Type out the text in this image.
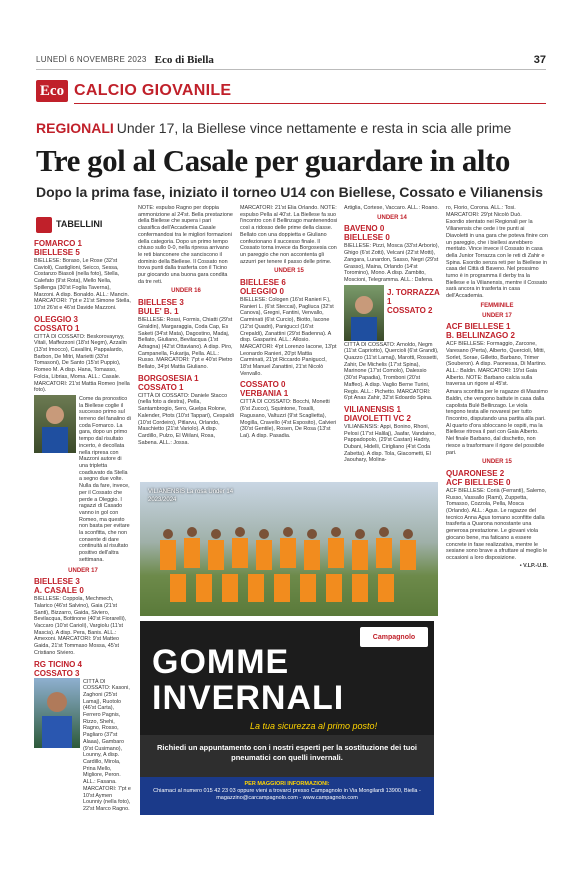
LUNEDÌ 6 NOVEMBRE 2023 Eco di Biella	37
Eco CALCIO GIOVANILE
REGIONALI Under 17, la Biellese vince nettamente e resta in scia alle prime
Tre gol al Casale per guardare in alto
Dopo la prima fase, iniziato il torneo U14 con Biellese, Cossato e Vilianensis
TABELLINI
FOMARCO 1
BIELLESE 5

BIELLESE: Boraso, Le Rose (32'st Cavioli), Castiglioni, Seicco, Sessa, Costanzo Biasoli (nella foto), Stella, Calefato (9'st Rota), Mello Nella, Spillenga (30'st Foglia Taverna), Marzoni. A disp. Bonaldo. ALL.: Mancin. MARCATORI: 7'pt e 21'st Simone Stella, 10'st 26'st e 46'st Davide Mazzoni.

OLEGGIO 3
COSSATO 1

CITTÀ DI COSSATO: Beskorovaynyy, Vitali, Maffezzoni (18'st Negm), Azzalin (13'st Imocco), Cavallini, Pappalardo, Barbon, De Mitri, Marietti (33'st Tomasoni), De Santo (15'st Puppio), Romeo M. A disp. Hana, Tomasso, Folcia, Librias, Moma. ALL.: Casale. MARCATORI: 21'st Mattia Romeo (nella foto).

Come da pronostico la Biellese coglie il successo primo sul terreno del fanalino di coda Fomarco. La gara, dopo un primo tempo dal risultato incerto, è decollata nella ripresa con Mazzoni autore di una tripletta coadiuvato da Stella a segno due volte. Nulla da fare, invece, per il Cossato che perde a Oleggio. I ragazzi di Casado vanno in gol con Romeo, ma questo non basta per evitare la sconfitta, che non consente di dare continuità al risultato positivo dell'altra settimana.

UNDER 17
BIELLESE 3
A. CASALE 0

BIELLESE: Coppola, Mechmech, Talarico (46'st Salvino), Gaia (21'st Santi), Bizzarro, Gaida, Siviero, Bevilacqua, Bottinone (40'st Fiorarelli), Vaccaro (10'st Carioli), Vargiolu (11'st Mascia). A disp. Pera, Banis. ALL.: Amexoni. MARCATORI: 9'st Matteo Gaida, 21'st Tommaso Mossa, 45'st Cristiano Siviero.

RG TICINO 4
COSSATO 3

CITTÀ DI COSSATO: Kasoni, Zaghoni (25'st Lamaj), Ruotolo (46'st Carta), Ferrero Pagnis, Rizzo, Shehi, Ragno, Rosso, Pagliaro (37'st Alaaa), Gambaro (9'st Cusimano), Lounny, A disp. Cardillo, Mirola, Prina Mello, Migliore, Peron. ALL.: Fasana. MARCATORI: 7'pt e 10'st Aymen Lounniy (nella foto), 22'st Marco Ragno.

NOTE: espulso Ragno per doppia ammonizione al 24'st. Bella prestazione della Biellese che supera i pari classifica dell'Accademia Casale confermandosi tra le migliori formazioni della categoria. Dopo un primo tempo chiuso sullo 0-0, nella ripresa arrivano le reti bianconere che sanciscono il dominio della Biellese. Il Cossato non trova punti dalla trasferta con il Ticino pur giocando una buona gara condita da tre reti.

UNDER 16
BIELLESE 3
BULE' B. 1

BIELLESE: Rossi, Formis, Chiatti (29'st Giraldin), Margaraggia, Coda Cap, Es Saketi (34'st Mata), Dagostino, Madaj, Bellato, Giuliano, Bevilacqua (1'st Adragna) (42'st Ottaviano). A disp. Piro, Campanella, Fukarija, Pella. ALL.: Russo. MARCATORI: 7'pt e 40'st Pietro Bellato, 34'pt Mattia Giuliano.

BORGOSESIA 1
COSSATO 1

CITTÀ DI COSSATO: Daniele Stacco (nella foto a destra), Pella, Santambrogio, Sero, Guelpa Rolone, Kalender, Ptots (10'st Tappari), Cespaldi (10'st Cordeiro), Pitlarvu, Orlando, Maschietto (21'st Variolo). A disp. Cardillo, Pulzo, El Wiilani, Rosa, Sabena. ALL.: Jossa.

MARCATORI: 21'st Elia Orlando. NOTE: espulso Pella al 40'st. La Biellese fa suo l'incontro con il Bellinzago mantenendosi così a ridosso delle prime della classe. Bellato con una doppietta e Giuliano confezionano il successo finale. Il Cossato torna invece da Borgosesia con un pareggio che non accontenta gli azzurri per tenere il passo delle prime.

UNDER 15
BIELLESE 6
OLEGGIO 0

BIELLESE: Cologen (16'st Ranieri F.), Ranieri L. (6'st Steccai), Pagliuca (32'st Canova), Gregni, Fantini, Venvallo, Carminati (6'st Curcio), Biotto, Iacone (12'st Quadri), Paniguccl (16'st Crepaldi), Zanattini (29'st Badenna). A disp. Gasparini. ALL.: Allosio. MARCATORI: 4'pt Lorenzo Iacone, 13'pt Leonardo Ranieri, 20'pt Mattia Carminati, 21'pt Riccardo Paniguccl, 18'st Manuel Zanattini, 21'st Nicolò Venvallo.

COSSATO 0
VERBANIA 1

CITTÀ DI COSSATO: Bocchi, Monetti (6'st Zucco), Squintone, Tosalli, Ragusano, Valtuzzi (9'st Scaglietta), Mogilla, Cravello (4'st Esposito), Calvieri (30'st Gentile), Rosen, De Rosa (13'st Lai). A disp. Pasadia.

Artiglia, Cortese, Vaccaro. ALL.: Roano.

UNDER 14
BAVENO 0
BIELLESE 0

BIELLESE: Pizzi, Mosca (33'st Arborio), Ghigo (6'st Zotti), Velcani (22'st Motti), Zangara, Lunardon, Sasso, Negri (29'st Grasso), Maina, Orlando (14'st Toromino), Mono. A disp. Zambito, Moscioni, Telegramma. ALL.: Dafena.

J. TORRAZZA 1
COSSATO 2

CITTÀ DI COSSATO: Arnoldo, Negm (11'st Capriotto), Quercioli (6'st Grandi), Quazzo (11'st Lamaj), Marotti, Rossetti, Zahir, De Michelis (17'st Spina), Marinone (17'st Comolo), Dalessio (30'st Papadia), Tromboni (20'st Maffeo). A disp. Vaglio Berne Turini, Regis. ALL.: Pichetto. MARCATORI: 6'pt Anas Zahir, 32'st Edoardo Spina.

VILIANENSIS 1
DIAVOLETTI VC 2

VILIANENSIS: Appi, Bonino, Rhoni, Pelosi (17'st Halilaj), Jaafar, Vandaino, Pappadopolo, (29'st Castan) Hadriy, Dubani, Hidelli, Cirigliano (4'st Coda Zabetta). A disp. Tola, Giacometti, El Jaouhary, Molina-

VILIANENSIS La rosa Under 14 2023/2024

ro, Florio, Corona. ALL.: Tosi. MARCATORI: 29'pt Nicolò Duò.

Esordio stentato nei Regionali per la Vilianensis che cede i tre punti ai Diavoletti in una gara che poteva finire con un pareggio, che i biellesi avrebbero meritato. Vince invece il Cossato in casa della Junior Torrazza con le reti di Zahir e Spina. Esordio senza reti per la Biellese in casa del Città di Baveno. Nel prossimo turno è in programma il derby tra la Biellese e la Vilianensis, mentre il Cossato sarà ancora in trasferta in casa dell'Accademia.

FEMMINILE
UNDER 17
ACF BIELLESE 1
B. BELLINZAGO 2

ACF BIELLESE: Formaggio, Zarcone, Varesano (Perta), Alberto, Quercioli, Mitti, Sorlet, Sorae, Gilletto, Barbano, Trimer (Souberon). A disp. Paonessa, Di Martino. ALL.: Baldin. MARCATORI: 19'st Gaia Alberto. NOTE: Barbano calcia sulla traversa un rigore al 45'st.

Amara sconfitta per le ragazze di Massimo Baldin, che vengono battute in casa dalla capolista Bulé Bellinzago. Le viola tengono testa alle novaresi per tutto l'incontro, disputando una partita alla pari. Al quarto d'ora sbloccano le ospiti, ma la Biellese ritrova il pari con Gaia Alberto. Nel finale Barbano, dal dischetto, non riesce a trasformare il rigore del possibile pari.

UNDER 15
QUARONESE 2
ACF BIELLESE 0

ACF BIELLESE: Corià (Ferranti), Salemo, Russo, Vassallo (Rami), Zuppetta, Tomasso, Cozzola, Pella, Mosca (Orlando). ALL.: Agus. Le ragazze del tecnico Anna Agus tornano sconfitte dalla trasferta a Quarona nonostante una generosa prestazione. Le giovani viola giocano bene, ma faticano a essere concrete in fase realizzativa, mentre le sesiane sono brave a sfruttare al meglio le occasioni a loro disposizione.

• V.LP.-U.B.

Campagnolo
GOMME
INVERNALI
La tua sicurezza al primo posto!
Richiedi un appuntamento con i nostri esperti per la sostituzione dei tuoi pneumatici con quelli invernali.
PER MAGGIORI INFORMAZIONI:
Chiamaci al numero 015 42 23 03 oppure vieni a trovarci presso Campagnolo in Via Mongilardi 13900, Biella - magazzino@carcampagnolo.com - www.campagnolo.com
